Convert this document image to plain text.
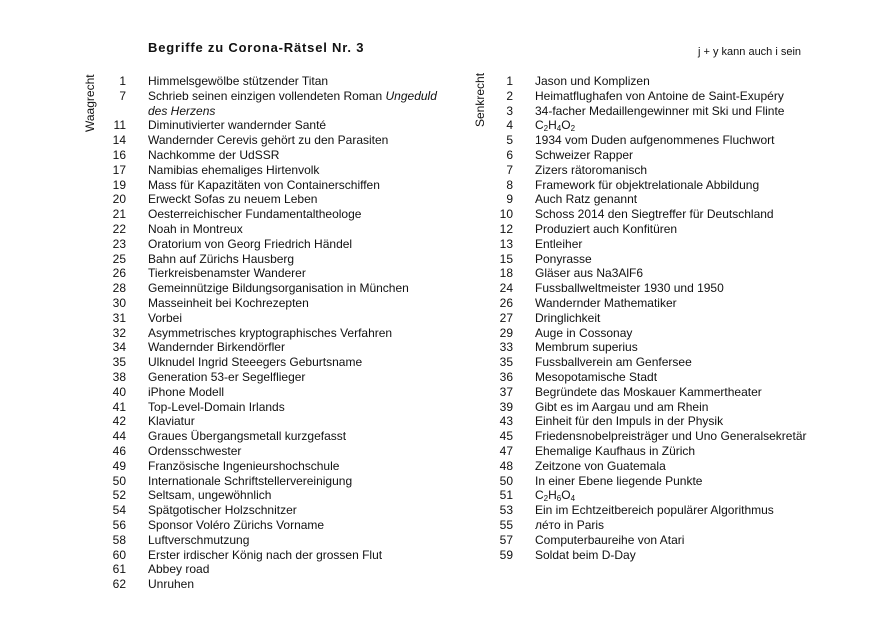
Begriffe zu Corona-Rätsel Nr. 3	j + y kann auch i sein
Waagrecht	Senkrecht
1 Himmelsgewölbe stützender Titan
7 Schrieb seinen einzigen vollendeten Roman Ungeduld des Herzens
11 Diminutivierter wandernder Santé
14 Wandernder Cerevis gehört zu den Parasiten
16 Nachkomme der UdSSR
17 Namibias ehemaliges Hirtenvolk
19 Mass für Kapazitäten von Containerschiffen
20 Erweckt Sofas zu neuem Leben
21 Oesterreichischer Fundamentaltheologe
22 Noah in Montreux
23 Oratorium von Georg Friedrich Händel
25 Bahn auf Zürichs Hausberg
26 Tierkreisbenamster Wanderer
28 Gemeinnützige Bildungsorganisation in München
30 Masseinheit bei Kochrezepten
31 Vorbei
32 Asymmetrisches kryptographisches Verfahren
34 Wandernder Birkendörfler
35 Ulknudel Ingrid Steeegers Geburtsname
38 Generation 53-er Segelflieger
40 iPhone Modell
41 Top-Level-Domain Irlands
42 Klaviatur
44 Graues Übergangsmetall kurzgefasst
46 Ordensschwester
49 Französische Ingenieurshochschule
50 Internationale Schriftstellervereinigung
52 Seltsam, ungewöhnlich
54 Spätgotischer Holzschnitzer
56 Sponsor Voléro Zürichs Vorname
58 Luftverschmutzung
60 Erster irdischer König nach der grossen Flut
61 Abbey road
62 Unruhen
1 Jason und Komplizen
2 Heimatflughafen von Antoine de Saint-Exupéry
3 34-facher Medaillengewinner mit Ski und Flinte
4 $C_2H_4O_2$
5 1934 vom Duden aufgenommenes Fluchwort
6 Schweizer Rapper
7 Zizers rätoromanisch
8 Framework für objektrelationale Abbildung
9 Auch Ratz genannt
10 Schoss 2014 den Siegtreffer für Deutschland
12 Produziert auch Konfitüren
13 Entleiher
15 Ponyrasse
18 Gläser aus Na3AlF6
24 Fussballweltmeister 1930 und 1950
26 Wandernder Mathematiker
27 Dringlichkeit
29 Auge in Cossonay
33 Membrum superius
35 Fussballverein am Genfersee
36 Mesopotamische Stadt
37 Begründete das Moskauer Kammertheater
39 Gibt es im Aargau und am Rhein
43 Einheit für den Impuls in der Physik
45 Friedensnobelpreisträger und Uno Generalsekretär
47 Ehemalige Kaufhaus in Zürich
48 Zeitzone von Guatemala
50 In einer Ebene liegende Punkte
51 $C_2H_6O_4$
53 Ein im Echtzeitbereich populärer Algorithmus
55 лéто in Paris
57 Computerbaureihe von Atari
59 Soldat beim D-Day
